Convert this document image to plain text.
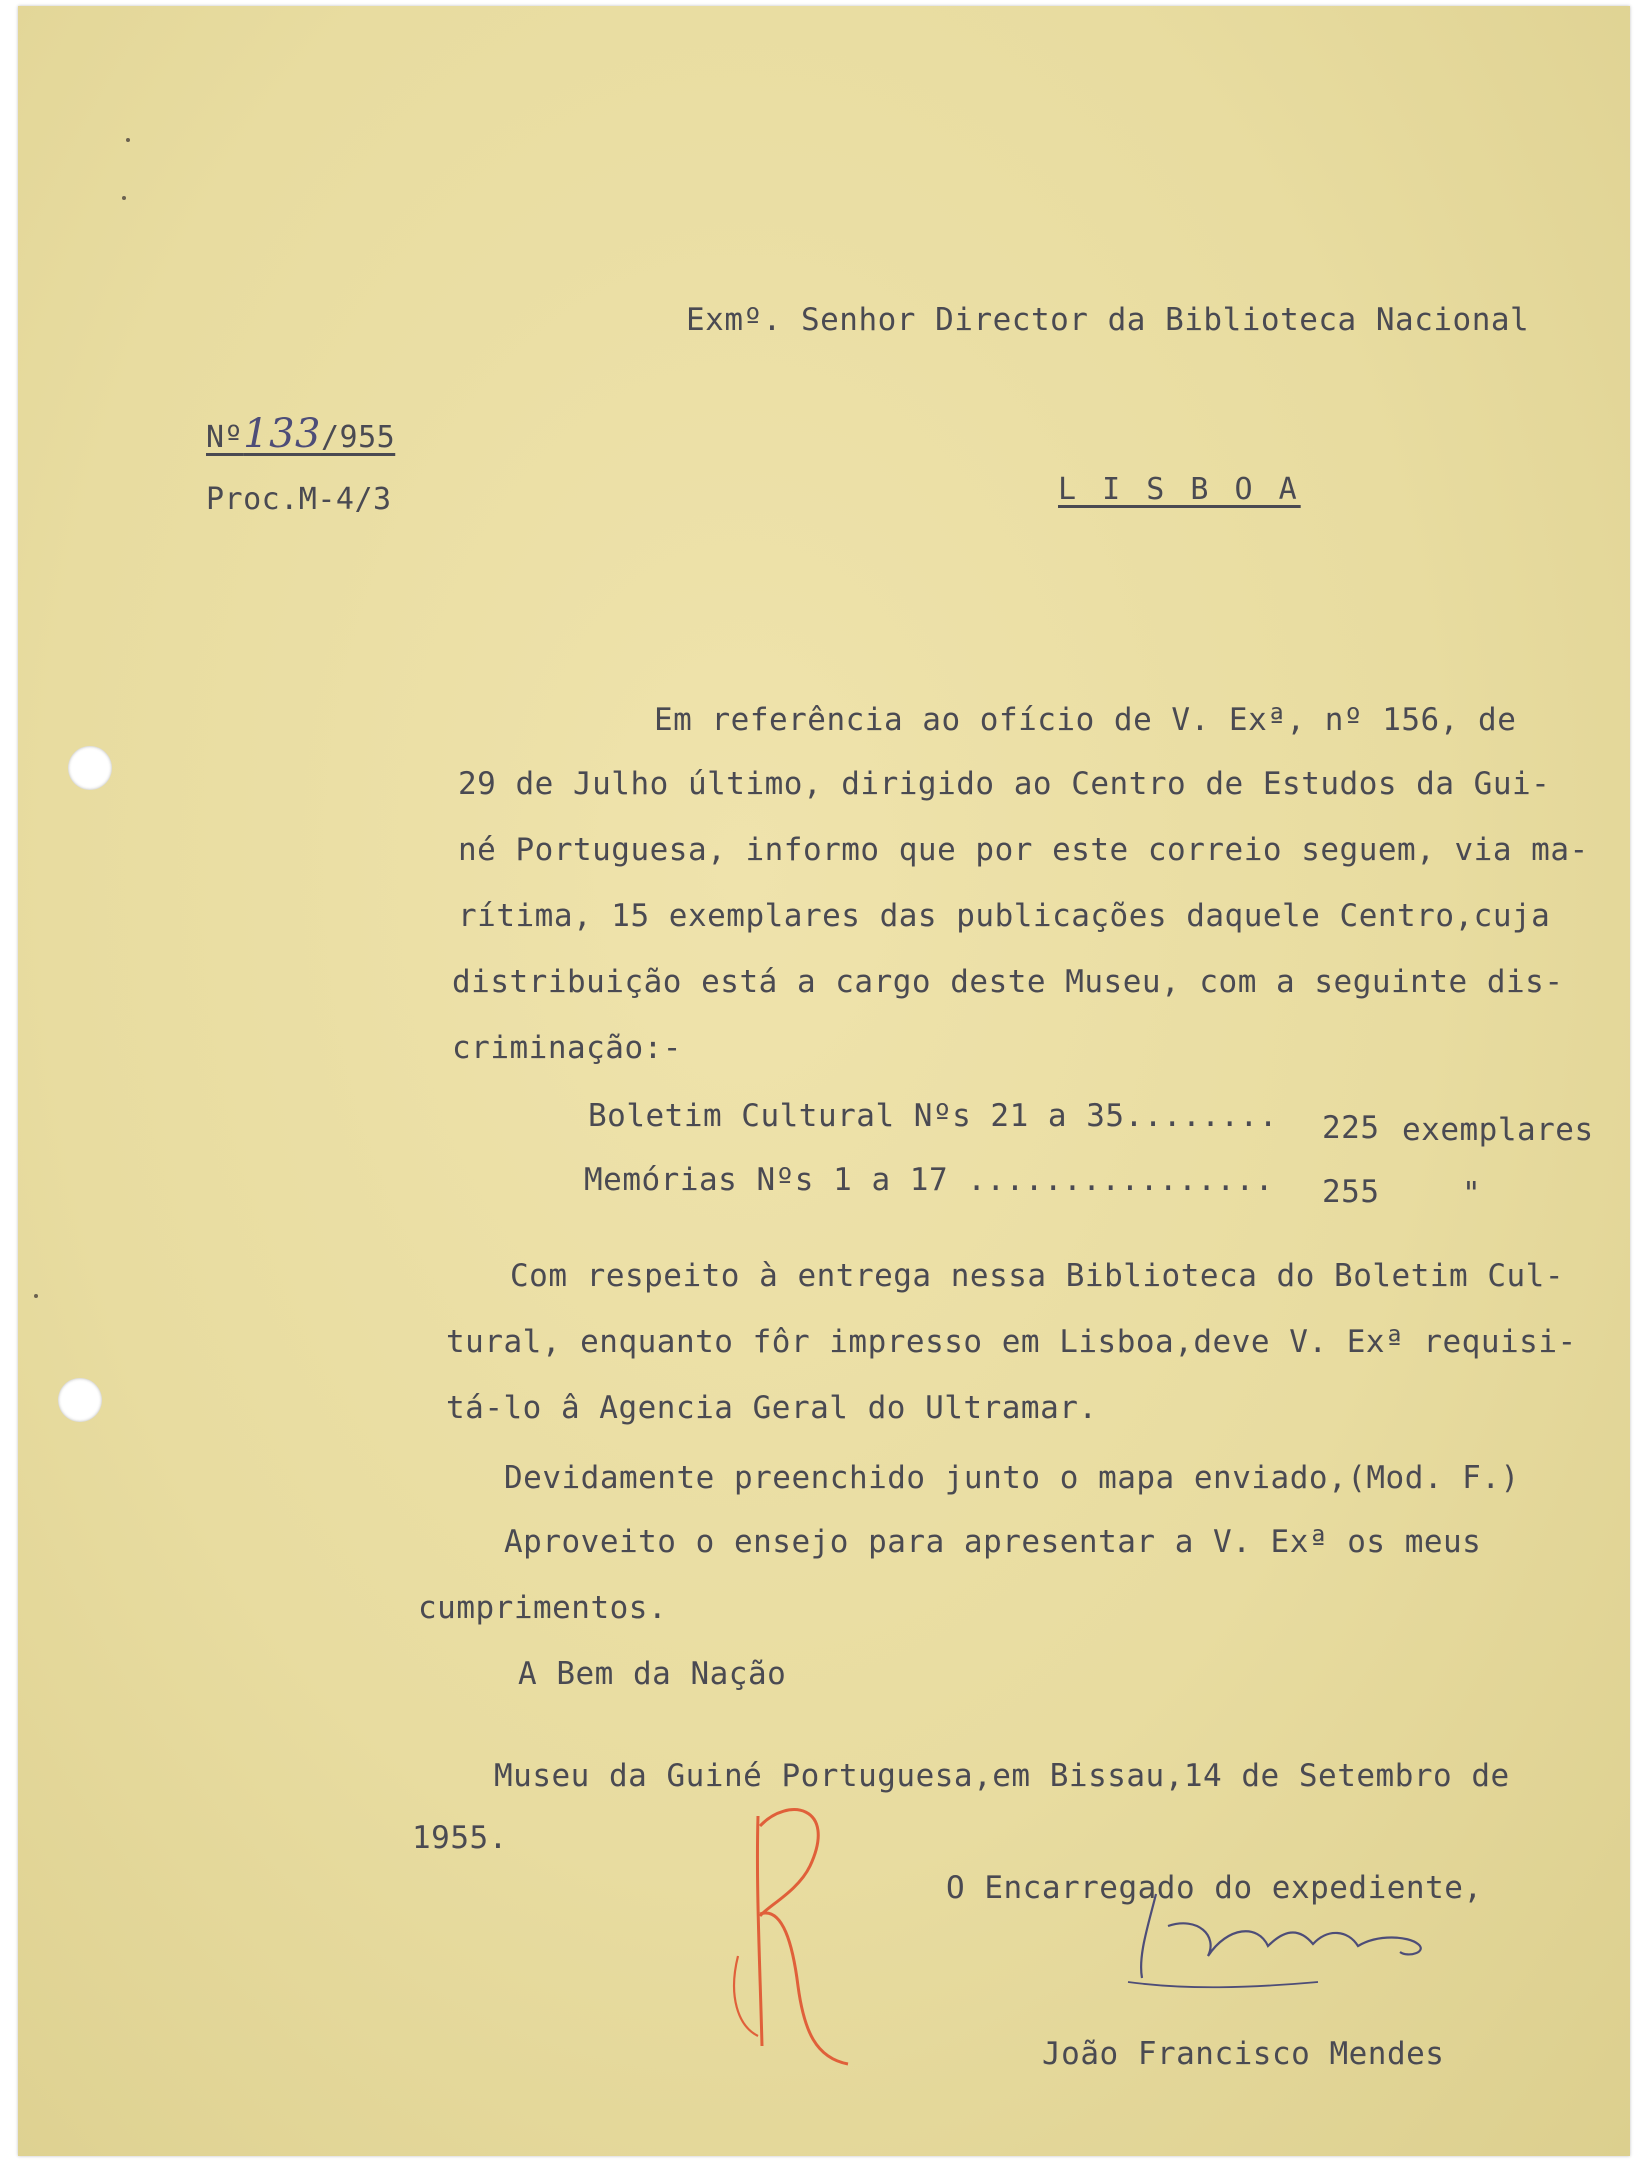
Exmº. Senhor Director da Biblioteca Nacional
Nº133/955
Proc.M-4/3	L I S B O A
Em referência ao ofício de V. Exª, nº 156, de
29 de Julho último, dirigido ao Centro de Estudos da Gui-
né Portuguesa, informo que por este correio seguem, via ma-
rítima, 15 exemplares das publicações daquele Centro,cuja
distribuição está a cargo deste Museu, com a seguinte dis-
criminação:-
Boletim Cultural Nºs 21 a 35........ 225 exemplares
Memórias Nºs 1 a 17 ................ 255	"
Com respeito à entrega nessa Biblioteca do Boletim Cul-
tural, enquanto fôr impresso em Lisboa,deve V. Exª requisi-
tá-lo â Agencia Geral do Ultramar.
Devidamente preenchido junto o mapa enviado,(Mod. F.)
Aproveito o ensejo para apresentar a V. Exª os meus
cumprimentos.
A Bem da Nação
Museu da Guiné Portuguesa,em Bissau,14 de Setembro de
1955.
O Encarregado do expediente,
João Francisco Mendes
